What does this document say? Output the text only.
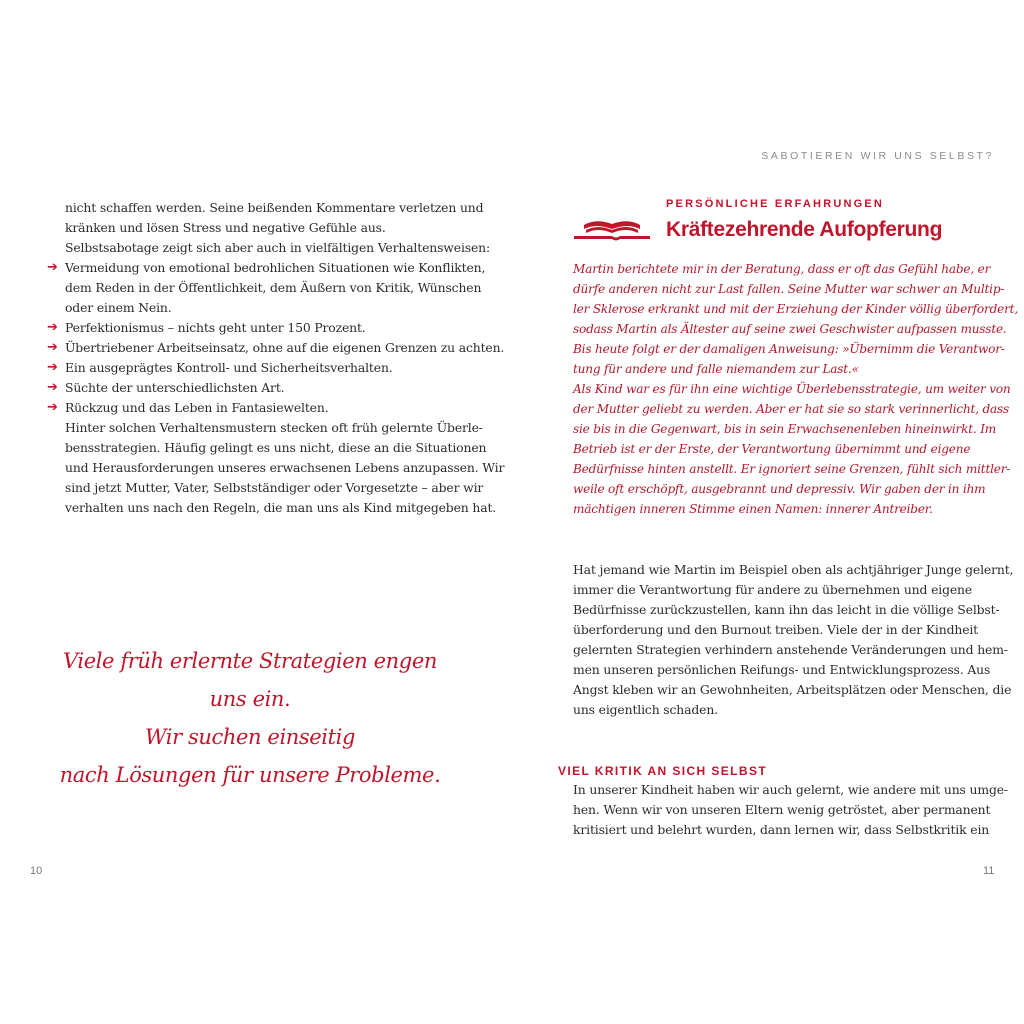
SABOTIEREN WIR UNS SELBST?
nicht schaffen werden. Seine beißenden Kommentare verletzen und
kränken und lösen Stress und negative Gefühle aus.
Selbstsabotage zeigt sich aber auch in vielfältigen Verhaltensweisen:
➔ Vermeidung von emotional bedrohlichen Situationen wie Konflikten,
dem Reden in der Öffentlichkeit, dem Äußern von Kritik, Wünschen
oder einem Nein.
➔ Perfektionismus – nichts geht unter 150 Prozent.
➔ Übertriebener Arbeitseinsatz, ohne auf die eigenen Grenzen zu achten.
➔ Ein ausgeprägtes Kontroll- und Sicherheitsverhalten.
➔ Süchte der unterschiedlichsten Art.
➔ Rückzug und das Leben in Fantasiewelten.
Hinter solchen Verhaltensmustern stecken oft früh gelernte Überle-
bensstrategien. Häufig gelingt es uns nicht, diese an die Situationen
und Herausforderungen unseres erwachsenen Lebens anzupassen. Wir
sind jetzt Mutter, Vater, Selbstständiger oder Vorgesetzte – aber wir
verhalten uns nach den Regeln, die man uns als Kind mitgegeben hat.
Viele früh erlernte Strategien engen uns ein.
Wir suchen einseitig
nach Lösungen für unsere Probleme.
10
PERSÖNLICHE ERFAHRUNGEN
Kräftezehrende Aufopferung
Martin berichtete mir in der Beratung, dass er oft das Gefühl habe, er
dürfe anderen nicht zur Last fallen. Seine Mutter war schwer an Multip-
ler Sklerose erkrankt und mit der Erziehung der Kinder völlig überfordert,
sodass Martin als Ältester auf seine zwei Geschwister aufpassen musste.
Bis heute folgt er der damaligen Anweisung: »Übernimm die Verantwor-
tung für andere und falle niemandem zur Last.«
Als Kind war es für ihn eine wichtige Überlebensstrategie, um weiter von
der Mutter geliebt zu werden. Aber er hat sie so stark verinnerlicht, dass
sie bis in die Gegenwart, bis in sein Erwachsenenleben hineinwirkt. Im
Betrieb ist er der Erste, der Verantwortung übernimmt und eigene
Bedürfnisse hinten anstellt. Er ignoriert seine Grenzen, fühlt sich mittler-
weile oft erschöpft, ausgebrannt und depressiv. Wir gaben der in ihm
mächtigen inneren Stimme einen Namen: innerer Antreiber.
Hat jemand wie Martin im Beispiel oben als achtjähriger Junge gelernt,
immer die Verantwortung für andere zu übernehmen und eigene
Bedürfnisse zurückzustellen, kann ihn das leicht in die völlige Selbst-
überforderung und den Burnout treiben. Viele der in der Kindheit
gelernten Strategien verhindern anstehende Veränderungen und hem-
men unseren persönlichen Reifungs- und Entwicklungsprozess. Aus
Angst kleben wir an Gewohnheiten, Arbeitsplätzen oder Menschen, die
uns eigentlich schaden.
VIEL KRITIK AN SICH SELBST
In unserer Kindheit haben wir auch gelernt, wie andere mit uns umge-
hen. Wenn wir von unseren Eltern wenig getröstet, aber permanent
kritisiert und belehrt wurden, dann lernen wir, dass Selbstkritik ein
11
